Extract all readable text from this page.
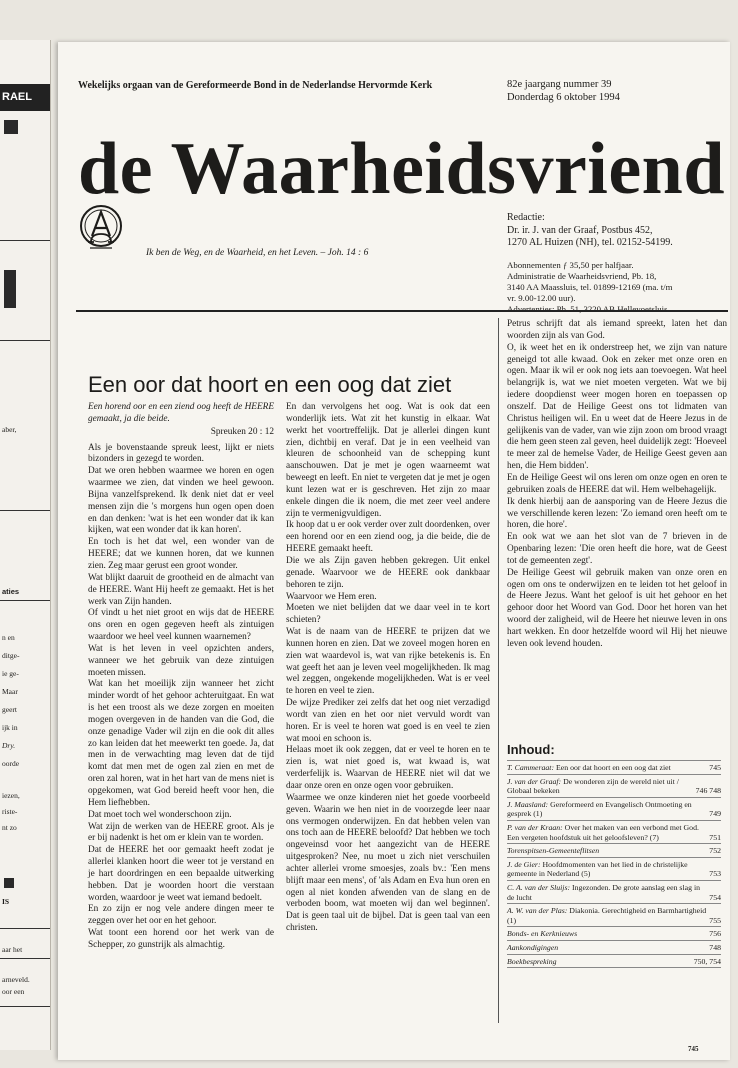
RAEL
aber,
aties
n en
ditge-
ie ge-
Maar
geert
ijk in
Dry.
oorde
iezen,
riste-
nt zo
IS
aar het
arneveld.
oor een
Wekelijks orgaan van de Gereformeerde Bond in de Nederlandse Hervormde Kerk	82e jaargang nummer 39
Donderdag 6 oktober 1994
de Waarheidsvriend
Ik ben de Weg, en de Waarheid, en het Leven. – Joh. 14 : 6
Redactie:
Dr. ir. J. van der Graaf, Postbus 452,
1270 AL Huizen (NH), tel. 02152-54199.
Abonnementen ƒ 35,50 per halfjaar.
Administratie de Waarheidsvriend, Pb. 18,
3140 AA Maassluis, tel. 01899-12169 (ma. t/m
vr. 9.00-12.00 uur).
Advertenties: Pb. 51, 3220 AB Hellevoetsluis.
Een oor dat hoort en een oog dat ziet

Een horend oor en een ziend oog heeft de HEERE gemaakt, ja die beide.

Spreuken 20 : 12

Als je bovenstaande spreuk leest, lijkt er niets bizonders in gezegd te worden.

Dat we oren hebben waarmee we horen en ogen waarmee we zien, dat vinden we heel gewoon. Bijna vanzelfsprekend. Ik denk niet dat er veel mensen zijn die 's morgens hun ogen open doen en dan denken: 'wat is het een wonder dat ik kan kijken, wat een wonder dat ik kan horen'.

En toch is het dat wel, een wonder van de HEERE; dat we kunnen horen, dat we kunnen zien. Zeg maar gerust een groot wonder.

Wat blijkt daaruit de grootheid en de almacht van de HEERE. Want Hij heeft ze gemaakt. Het is het werk van Zijn handen.

Of vindt u het niet groot en wijs dat de HEERE ons oren en ogen gegeven heeft als zintuigen waardoor we heel veel kunnen waarnemen?

Wat is het leven in veel opzichten anders, wanneer we het gebruik van deze zintuigen moeten missen.

Wat kan het moeilijk zijn wanneer het zicht minder wordt of het gehoor achteruitgaat. En wat is het een troost als we deze zorgen en moeiten mogen overgeven in de handen van die God, die onze genadige Vader wil zijn en die ook dit alles zo kan leiden dat het meewerkt ten goede. Ja, dat men in de verwachting mag leven dat de tijd komt dat men met de ogen zal zien en met de oren zal horen, wat in het hart van de mens niet is opgekomen, wat God bereid heeft voor hen, die Hem liefhebben.

Dat moet toch wel wonderschoon zijn.

Wat zijn de werken van de HEERE groot. Als je er bij nadenkt is het om er klein van te worden.

Dat de HEERE het oor gemaakt heeft zodat je allerlei klanken hoort die weer tot je verstand en je hart doordringen en een bepaalde uitwerking hebben. Dat je woorden hoort die verstaan worden, waardoor je weet wat iemand bedoelt.

En zo zijn er nog vele andere dingen meer te zeggen over het oor en het gehoor.

Wat toont een horend oor het werk van de Schepper, zo gunstrijk als almachtig.

En dan vervolgens het oog. Wat is ook dat een wonderlijk iets. Wat zit het kunstig in elkaar. Wat werkt het voortreffelijk. Dat je allerlei dingen kunt zien, dichtbij en veraf. Dat je in een veelheid van kleuren de schoonheid van de schepping kunt aanschouwen. Dat je met je ogen waarneemt wat beweegt en leeft. En niet te vergeten dat je met je ogen kunt lezen wat er is geschreven. Het zijn zo maar enkele dingen die ik noem, die met zeer veel andere zijn te vermenigvuldigen.

Ik hoop dat u er ook verder over zult doordenken, over een horend oor en een ziend oog, ja die beide, die de HEERE gemaakt heeft.

Die we als Zijn gaven hebben gekregen. Uit enkel genade. Waarvoor we de HEERE ook dankbaar behoren te zijn.

Waarvoor we Hem eren.

Moeten we niet belijden dat we daar veel in te kort schieten?

Wat is de naam van de HEERE te prijzen dat we kunnen horen en zien. Dat we zoveel mogen horen en zien wat waardevol is, wat van rijke betekenis is. En wat geeft het aan je leven veel mogelijkheden. Ik mag wel zeggen, ongekende mogelijkheden. Wat is er veel te horen en veel te zien.

De wijze Prediker zei zelfs dat het oog niet verzadigd wordt van zien en het oor niet vervuld wordt van horen. Er is veel te horen wat goed is en veel te zien wat mooi en schoon is.

Helaas moet ik ook zeggen, dat er veel te horen en te zien is, wat niet goed is, wat kwaad is, wat verderfelijk is. Waarvan de HEERE niet wil dat we daar onze oren en onze ogen voor gebruiken.

Waarmee we onze kinderen niet het goede voorbeeld geven. Waarin we hen niet in de voorzegde leer naar ons vermogen onderwijzen. En dat hebben velen van ons toch aan de HEERE beloofd? Dat hebben we toch ongeveinsd voor het aangezicht van de HEERE uitgesproken? Nee, nu moet u zich niet verschuilen achter allerlei vrome smoesjes, zoals bv.: 'Een mens blijft maar een mens', of 'als Adam en Eva hun oren en ogen al niet konden afwenden van de slang en de verboden boom, wat moeten wij dan wel beginnen'. Dat is geen taal uit de bijbel. Dat is geen taal van een christen.

Petrus schrijft dat als iemand spreekt, laten het dan woorden zijn als van God.

O, ik weet het en ik onderstreep het, we zijn van nature geneigd tot alle kwaad. Ook en zeker met onze oren en ogen. Maar ik wil er ook nog iets aan toevoegen. Wat heel belangrijk is, wat we niet moeten vergeten. Wat we bij iedere doopdienst weer mogen horen en toepassen op onszelf. Dat de Heilige Geest ons tot lidmaten van Christus heiligen wil. En u weet dat de Heere Jezus in de gelijkenis van de vader, van wie zijn zoon om brood vraagt die hem geen steen zal geven, heel duidelijk zegt: 'Hoeveel te meer zal de hemelse Vader, de Heilige Geest geven aan hen, die Hem bidden'.

En de Heilige Geest wil ons leren om onze ogen en oren te gebruiken zoals de HEERE dat wil. Hem welbehagelijk.

Ik denk hierbij aan de aansporing van de Heere Jezus die we verschillende keren lezen: 'Zo iemand oren heeft om te horen, die hore'.

En ook wat we aan het slot van de 7 brieven in de Openbaring lezen: 'Die oren heeft die hore, wat de Geest tot de gemeenten zegt'.

De Heilige Geest wil gebruik maken van onze oren en ogen om ons te onderwijzen en te leiden tot het geloof in de Heere Jezus. Want het geloof is uit het gehoor en het gehoor door het Woord van God. Door het horen van het woord der zaligheid, wil de Heere het nieuwe leven in ons hart wekken. En door hetzelfde woord wil Hij het nieuwe leven ook levend houden.

Inhoud:
T. Cammeraat: Een oor dat hoort en een oog dat ziet	745
J. van der Graaf: De wonderen zijn de wereld niet uit / Globaal bekeken	746 748
J. Maasland: Gereformeerd en Evangelisch Ontmoeting en gesprek (1)	749
P. van der Kraan: Over het maken van een verbond met God. Een vergeten hoofdstuk uit het geloofsleven? (7)	751
Torenspitsen-Gemeenteflitsen	752
J. de Gier: Hoofdmomenten van het lied in de christelijke gemeente in Nederland (5)	753
C. A. van der Sluijs: Ingezonden. De grote aanslag een slag in de lucht	754
A. W. van der Plas: Diakonia. Gerechtigheid en Barmhartigheid (1)	755
Bonds- en Kerknieuws	756
Aankondigingen	748
Boekbespreking	750, 754
745
